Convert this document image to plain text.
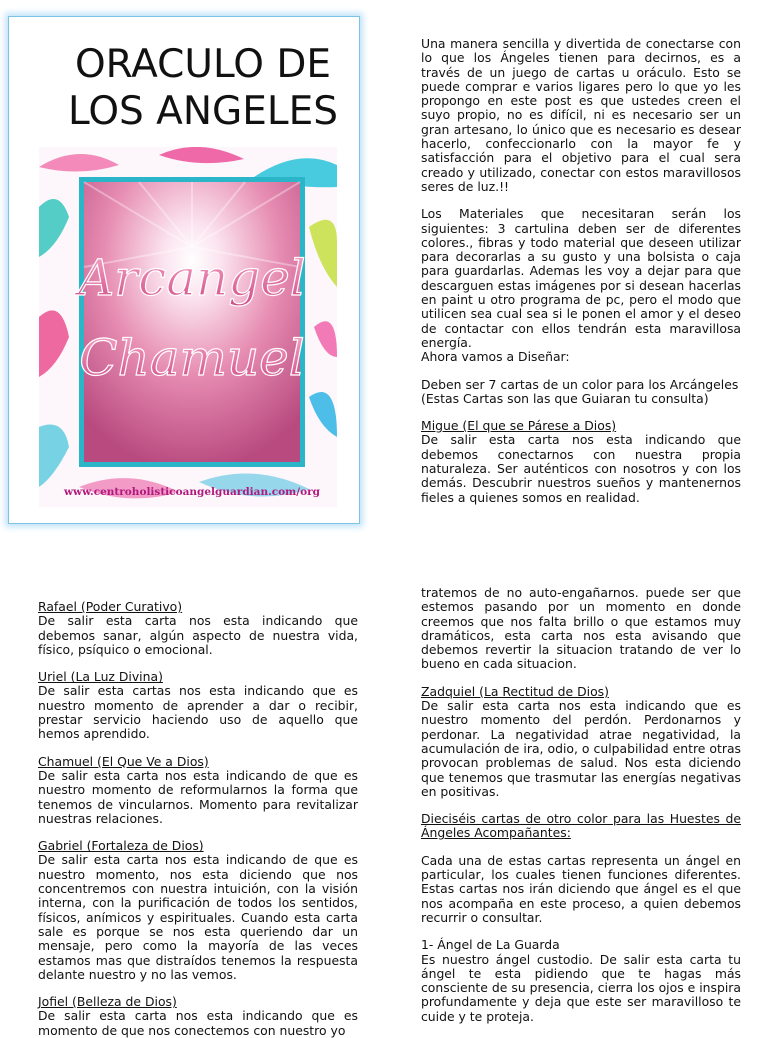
ORACULO DE
LOS ANGELES
Arcangel
Chamuel
www.centroholisticoangelguardian.com/org

Una manera sencilla y divertida de conectarse con lo que los Ángeles tienen para decirnos, es a través de un juego de cartas u oráculo. Esto se puede comprar e varios ligares pero lo que yo les propongo en este post es que ustedes creen el suyo propio, no es difícil, ni es necesario ser un gran artesano, lo único que es necesario es desear hacerlo, confeccionarlo con la mayor fe y satisfacción para el objetivo para el cual sera creado y utilizado, conectar con estos maravillosos seres de luz.!!

Los Materiales que necesitaran serán los siguientes: 3 cartulina deben ser de diferentes colores., fibras y todo material que deseen utilizar para decorarlas a su gusto y una bolsista o caja para guardarlas. Ademas les voy a dejar para que descarguen estas imágenes por si desean hacerlas en paint u otro programa de pc, pero el modo que utilicen sea cual sea si le ponen el amor y el deseo de contactar con ellos tendrán esta maravillosa energía.

Ahora vamos a Diseñar:

Deben ser 7 cartas de un color para los Arcángeles (Estas Cartas son las que Guiaran tu consulta)

Migue (El que se Párese a Dios)

De salir esta carta nos esta indicando que debemos conectarnos con nuestra propia naturaleza. Ser auténticos con nosotros y con los demás. Descubrir nuestros sueños y mantenernos fieles a quienes somos en realidad.

Rafael (Poder Curativo)

De salir esta carta nos esta indicando que debemos sanar, algún aspecto de nuestra vida, físico, psíquico o emocional.

Uriel (La Luz Divina)

De salir esta cartas nos esta indicando que es nuestro momento de aprender a dar o recibir, prestar servicio haciendo uso de aquello que hemos aprendido.

Chamuel (El Que Ve a Dios)

De salir esta carta nos esta indicando de que es nuestro momento de reformularnos la forma que tenemos de vincularnos. Momento para revitalizar nuestras relaciones.

Gabriel (Fortaleza de Dios)

De salir esta carta nos esta indicando de que es nuestro momento, nos esta diciendo que nos concentremos con nuestra intuición, con la visión interna, con la purificación de todos los sentidos, físicos, anímicos y espirituales. Cuando esta carta sale es porque se nos esta queriendo dar un mensaje, pero como la mayoría de las veces estamos mas que distraídos tenemos la respuesta delante nuestro y no las vemos.

Jofiel (Belleza de Dios)

De salir esta carta nos esta indicando que es momento de que nos conectemos con nuestro yo

tratemos de no auto-engañarnos. puede ser que estemos pasando por un momento en donde creemos que nos falta brillo o que estamos muy dramáticos, esta carta nos esta avisando que debemos revertir la situacion tratando de ver lo bueno en cada situacion.

Zadquiel (La Rectitud de Dios)

De salir esta carta nos esta indicando que es nuestro momento del perdón. Perdonarnos y perdonar. La negatividad atrae negatividad, la acumulación de ira, odio, o culpabilidad entre otras provocan problemas de salud. Nos esta diciendo que tenemos que trasmutar las energías negativas en positivas.

Dieciséis cartas de otro color para las Huestes de Ángeles Acompañantes:

Cada una de estas cartas representa un ángel en particular, los cuales tienen funciones diferentes. Estas cartas nos irán diciendo que ángel es el que nos acompaña en este proceso, a quien debemos recurrir o consultar.

1- Ángel de La Guarda

Es nuestro ángel custodio. De salir esta carta tu ángel te esta pidiendo que te hagas más consciente de su presencia, cierra los ojos e inspira profundamente y deja que este ser maravilloso te cuide y te proteja.
